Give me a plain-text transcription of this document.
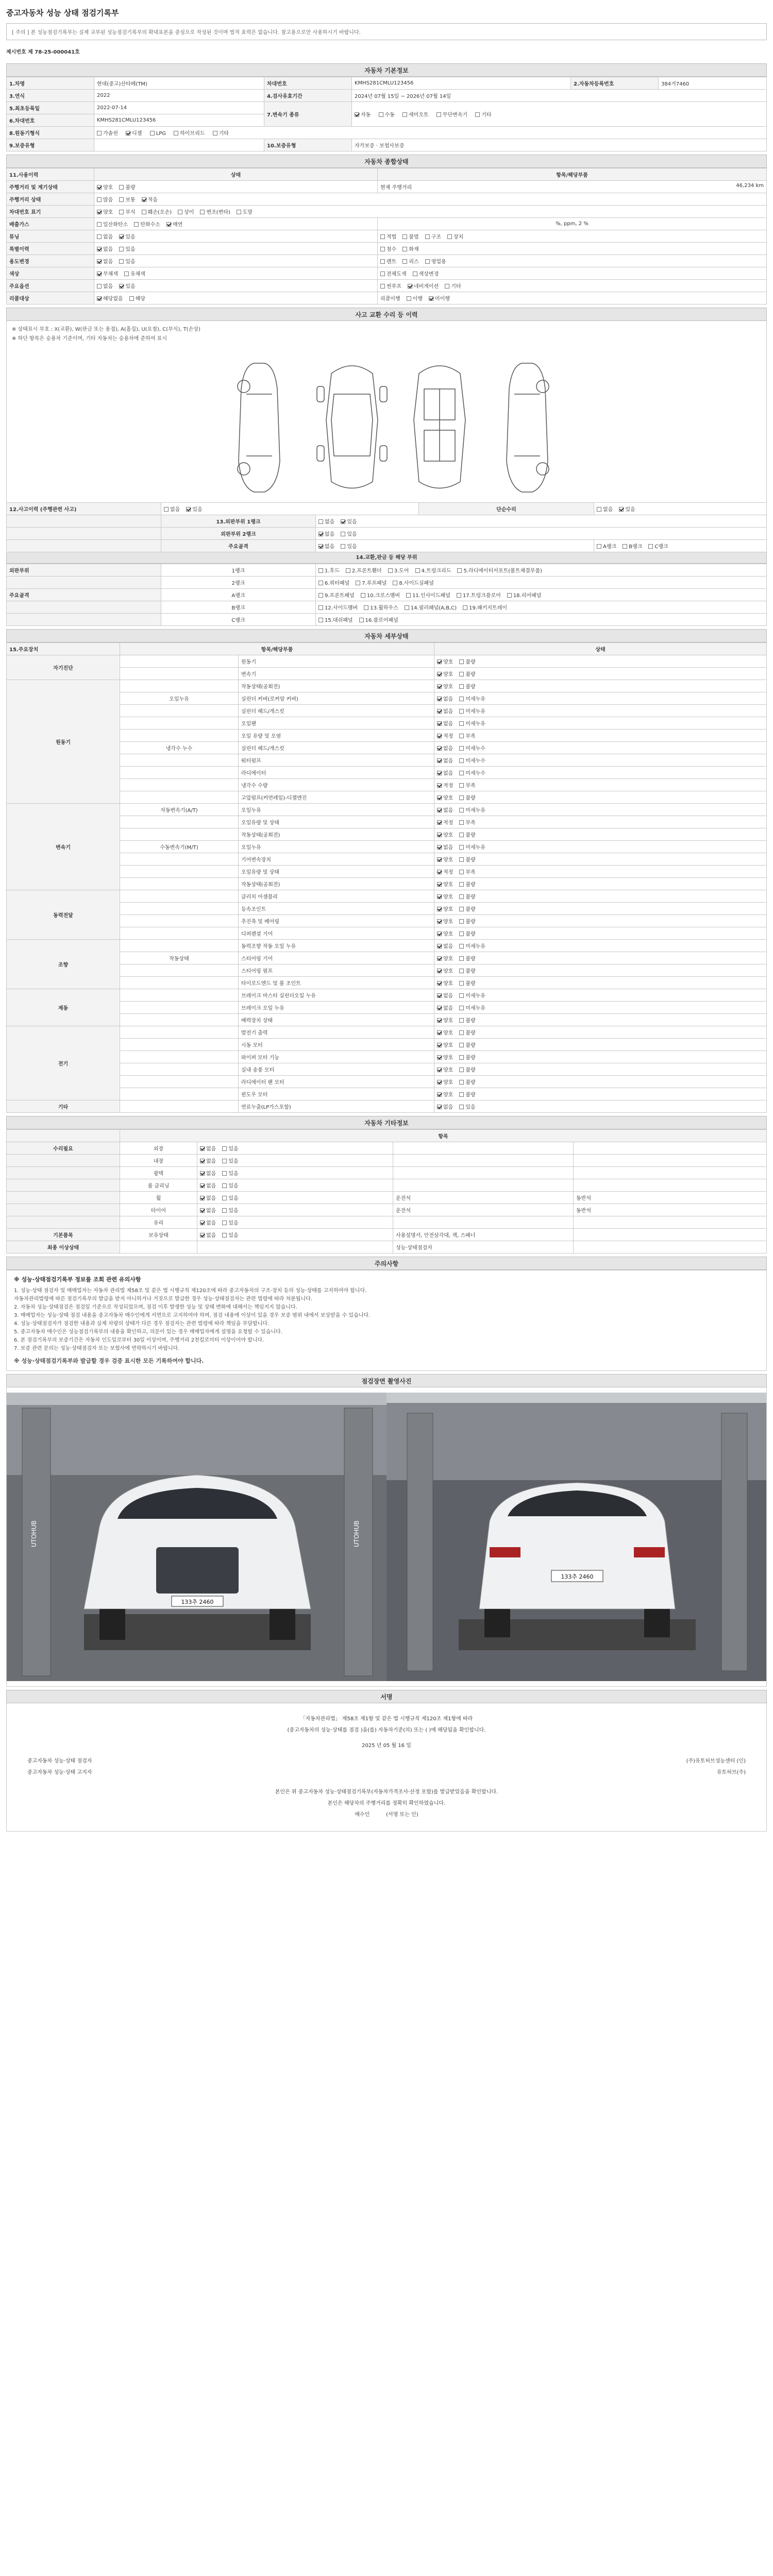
중고자동차 성능 상태 점검기록부
[ 주의 ] 본 성능점검기록부는 실제 교부된 성능점검기록부의 확대표본을 중심으로 작성된 것이며 법적 효력은 없습니다. 참고용으로만 사용하시기 바랍니다.
제시번호 제 78-25-000041호
자동차 기본정보
1.차명	현대(중고)산타페(TM)	차대번호	KMHS281CMLU123456	2.자동차등록번호	384거7460
3.연식	2022	4.검사유효기간	2024년 07월 15일 ~ 2026년 07월 14일		
5.최초등록일	2022-07-14	7.변속기 종류	자동 수동 세미오토 무단변속기 기타		
6.차대번호	KMHS281CMLU123456				
8.원동기형식	가솔린 디젤 LPG 하이브리드 기타				
9.보증유형		10.보증유형	자가보증 · 보험사보증		
자동차 종합상태
11.사용이력	상태	항목/해당부품
주행거리 및 계기상태	양호 불량	현재 주행거리 46,234 km

주행거리 상태	많음 보통 적음	
차대번호 표기	양호 부식 훼손(오손) 상이 변조(변타) 도말	
배출가스	일산화탄소 탄화수소 매연	%, ppm, 2 %
튜닝	없음 있음	적법 불법 구조 장치
특별이력	없음 있음	침수 화재
용도변경	없음 있음	렌트 리스 영업용
색상	무채색 유채색	전체도색 색상변경
주요옵션	없음 있음	썬루프 네비게이션 기타
리콜대상	해당없음 해당	리콜이행 이행 미이행
사고 교환 수리 등 이력
※ 상태표시 부호 : X(교환), W(판금 또는 용접), A(흠집), U(요철), C(부식), T(손상)
※ 하단 항목은 승용차 기준이며, 기타 자동차는 승용차에 준하여 표시
12.사고이력 (주행관련 사고)	없음 있음		단순수리	없음 있음
	13.외판부위 1랭크	없음 있음		
	외판부위 2랭크	없음 있음		
	주요골격	없음 있음		A랭크 B랭크 C랭크
14.교환,판금 등 해당 부위
외판부위	1랭크	1.후드 2.프론트휀더 3.도어 4.트렁크리드 5.라디에이터서포트(볼트체결부품)
	2랭크	6.쿼터패널 7.루프패널 8.사이드실패널
주요골격	A랭크	9.프론트패널 10.크로스멤버 11.인사이드패널 17.트렁크플로어 18.리어패널
	B랭크	12.사이드멤버 13.휠하우스 14.필러패널(A,B,C) 19.패키지트레이
	C랭크	15.대쉬패널 16.플로어패널
자동차 세부상태
15.주요장치	항목/해당부품		상태
자기진단		원동기	양호 불량
		변속기	양호 불량
원동기		작동상태(공회전)	양호 불량
	오일누유	실린더 커버(로커암 커버)	없음 미세누유
		실린더 헤드/개스킷	없음 미세누유
		오일팬	없음 미세누유
		오일 유량 및 오염	적정 부족
	냉각수 누수	실린더 헤드/개스킷	없음 미세누수
		워터펌프	없음 미세누수
		라디에이터	없음 미세누수
		냉각수 수량	적정 부족
		고압펌프(커먼레일)-디젤엔진	양호 불량
변속기	자동변속기(A/T)	오일누유	없음 미세누유
		오일유량 및 상태	적정 부족
		작동상태(공회전)	양호 불량
	수동변속기(M/T)	오일누유	없음 미세누유
		기어변속장치	양호 불량
		오일유량 및 상태	적정 부족
		작동상태(공회전)	양호 불량
동력전달		클러치 어셈블리	양호 불량
		등속조인트	양호 불량
		추진축 및 베어링	양호 불량
		디퍼렌셜 기어	양호 불량
조향		동력조향 작동 오일 누유	없음 미세누유
	작동상태	스티어링 기어	양호 불량
		스티어링 펌프	양호 불량
		타이로드엔드 및 볼 조인트	양호 불량
제동		브레이크 마스터 실린더오일 누유	없음 미세누유
		브레이크 오일 누유	없음 미세누유
		배력장치 상태	양호 불량
전기		발전기 출력	양호 불량
		시동 모터	양호 불량
		와이퍼 모터 기능	양호 불량
		실내 송풍 모터	양호 불량
		라디에이터 팬 모터	양호 불량
		윈도우 모터	양호 불량
기타		연료누출(LP가스포함)	없음 있음
자동차 기타정보
	항목			
수리필요	외장	없음 있음		
	내장	없음 있음		
	광택	없음 있음		
	룸 클리닝	없음 있음		
	휠	없음 있음	운전석	동반석
	타이어	없음 있음	운전석	동반석
	유리	없음 있음		
기본품목	보유상태	없음 있음	사용설명서, 안전삼각대, 잭, 스패너	
최종 이상상태			성능·상태점검자	
주의사항
※ 성능·상태점검기록부 정보를 조회 관련 유의사항
1. 성능·상태 점검자 및 매매업자는 자동차 관리법 제58조 및 같은 법 시행규칙 제120조에 따라 중고자동차의 구조·장치 등의 성능·상태를 고지하여야 합니다.
자동차관리법령에 따른 점검기록부의 발급을 받지 아니하거나 거짓으로 발급한 경우 성능·상태점검자는 관련 법령에 따라 처분됩니다.
2. 자동차 성능·상태점검은 점검일 기준으로 작성되었으며, 점검 이후 발생한 성능 및 상태 변화에 대해서는 책임지지 않습니다.
3. 매매업자는 성능·상태 점검 내용을 중고자동차 매수인에게 서면으로 고지하여야 하며, 점검 내용에 이상이 있을 경우 보증 범위 내에서 보상받을 수 있습니다.
4. 성능·상태점검자가 점검한 내용과 실제 차량의 상태가 다른 경우 점검자는 관련 법령에 따라 책임을 부담합니다.
5. 중고자동차 매수인은 성능점검기록부의 내용을 확인하고, 의문이 있는 경우 매매업자에게 설명을 요청할 수 있습니다.
6. 본 점검기록부의 보증기간은 자동차 인도일로부터 30일 이상이며, 주행거리 2천킬로미터 이상이어야 합니다.
7. 보증 관련 문의는 성능·상태점검자 또는 보험사에 연락하시기 바랍니다.
※ 성능·상태점검기록부와 발급할 경우 검증 표시한 모든 기록하여야 합니다.
점검장면 촬영사진
UTOHUB	UTOHUB
133추 2460
133추 2460
서명
「자동차관리법」 제58조 제1항 및 같은 법 시행규칙 제120조 제1항에 따라
(중고자동차의 성능·상태를 점검 )을(를) 자동차기준(의) 또는 ( )에 해당됨을 확인합니다.
2025 년 05 월 16 일
중고자동차 성능·상태 점검자	(주)유토허브성능센터 (인)
중고자동차 성능·상태 고지자	유토허브(주)
본인은 위 중고자동차 성능·상태점검기록부(자동차가격조사·산정 포함)를 발급받았음을 확인합니다.
본인은 해당차의 주행거리를 정확히 확인하였습니다.
매수인	(서명 또는 인)
